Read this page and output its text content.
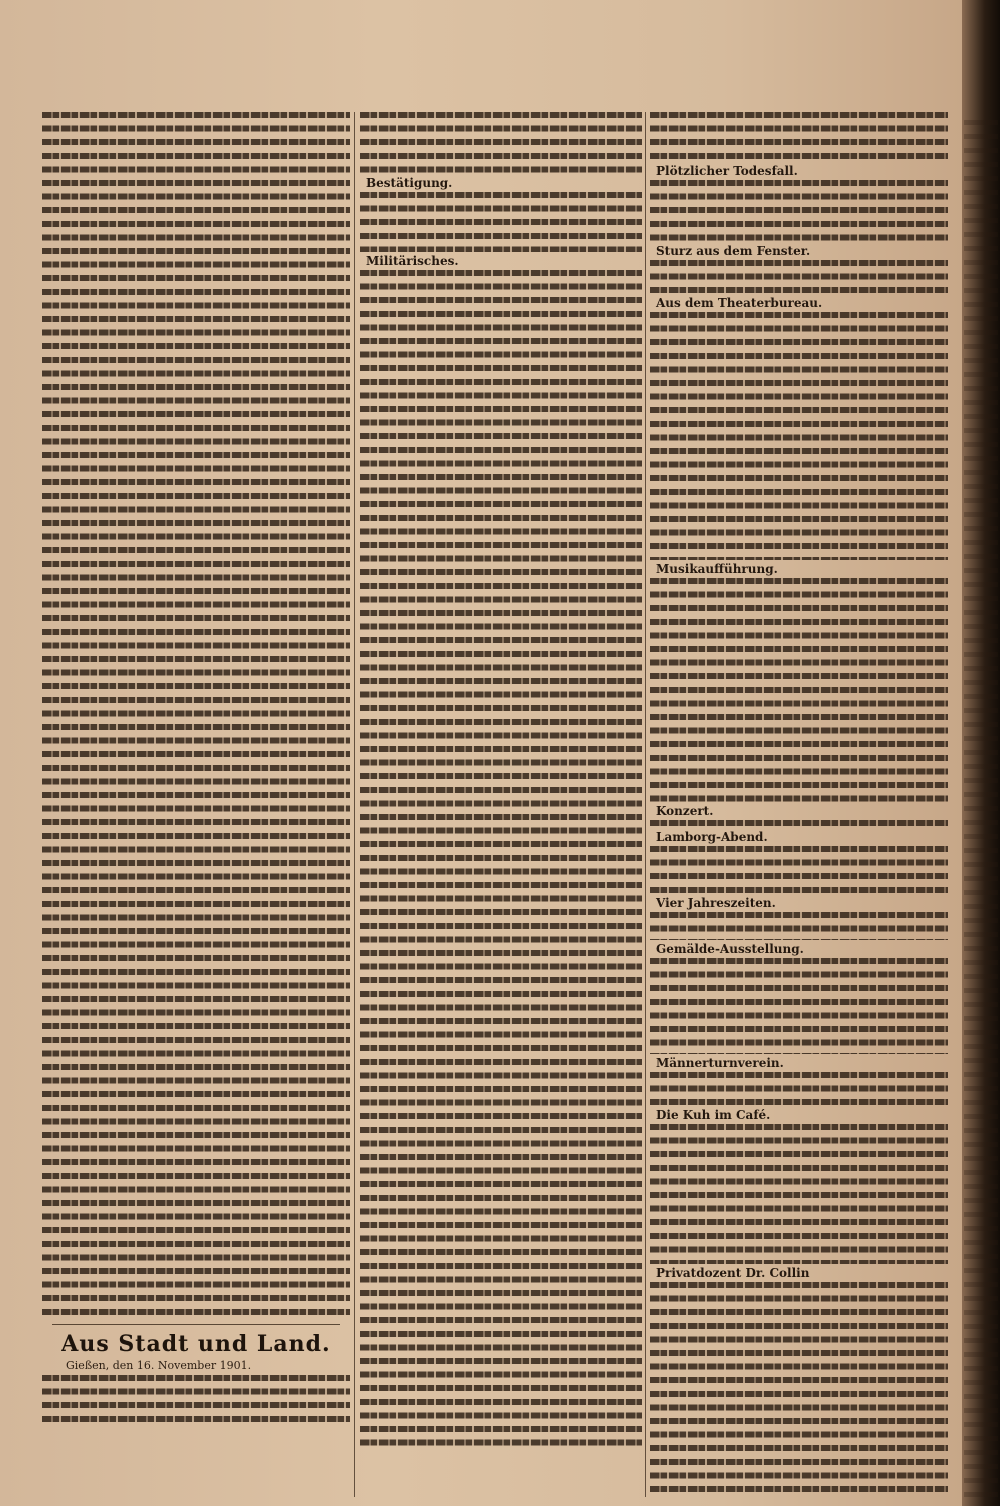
Aus Stadt und Land.
Gießen, den 16. November 1901.
Bestätigung.
Militärisches.
Plötzlicher Todesfall.
Sturz aus dem Fenster.
Aus dem Theaterbureau.
Musikaufführung.
Konzert.
Lamborg-Abend.
Vier Jahreszeiten.
Gemälde-Ausstellung.
Männerturnverein.
Die Kuh im Café.
Privatdozent Dr. Collin
